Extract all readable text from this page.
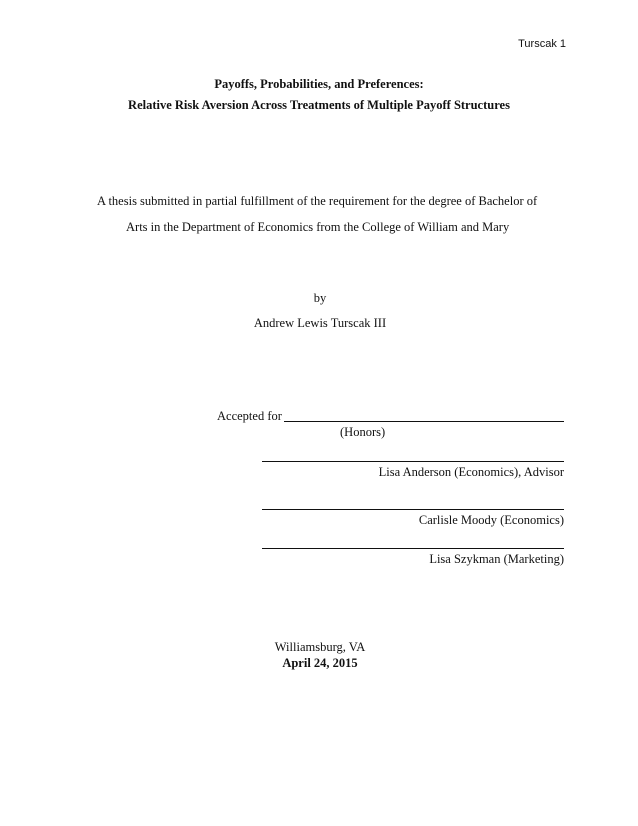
Turscak 1
Payoffs, Probabilities, and Preferences:
Relative Risk Aversion Across Treatments of Multiple Payoff Structures
A thesis submitted in partial fulfillment of the requirement for the degree of Bachelor of
Arts in the Department of Economics from the College of William and Mary
by
Andrew Lewis Turscak III
Accepted for
(Honors)
Lisa Anderson (Economics), Advisor
Carlisle Moody (Economics)
Lisa Szykman (Marketing)
Williamsburg, VA
April 24, 2015
